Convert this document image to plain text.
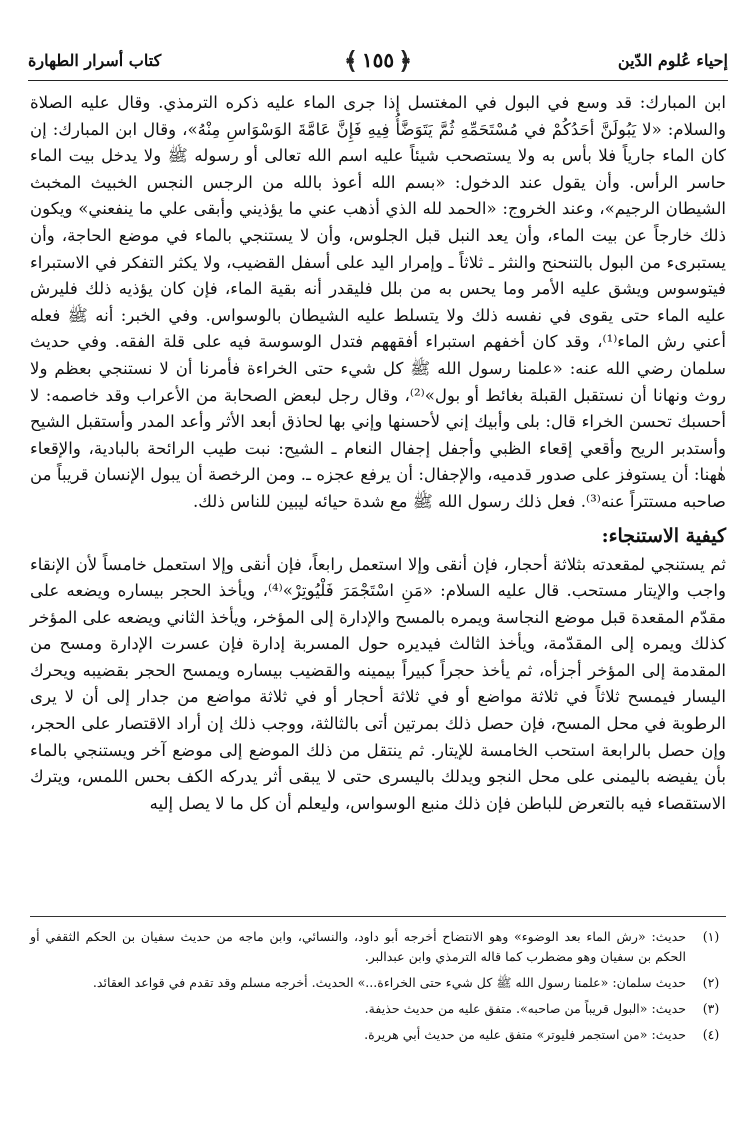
إحياء عُلوم الدّين
﴿
١٥٥
﴾
كتاب أسرار الطهارة

ابن المبارك: قد وسع في البول في المغتسل إذا جرى الماء عليه ذكره الترمذي. وقال عليه الصلاة والسلام: «لا يَبُولَنَّ أحَدُكُمْ في مُسْتَحَمِّهِ ثُمَّ يَتَوَضَّأُ فِيهِ فَإِنَّ عَامَّةَ الوَسْوَاسِ مِنْهُ»، وقال ابن المبارك: إن كان الماء جارياً فلا بأس به ولا يستصحب شيئاً عليه اسم الله تعالى أو رسوله ﷺ ولا يدخل بيت الماء حاسر الرأس. وأن يقول عند الدخول: «بسم الله أعوذ بالله من الرجس النجس الخبيث المخبث الشيطان الرجيم»، وعند الخروج: «الحمد لله الذي أذهب عني ما يؤذيني وأبقى علي ما ينفعني» ويكون ذلك خارجاً عن بيت الماء، وأن يعد النبل قبل الجلوس، وأن لا يستنجي بالماء في موضع الحاجة، وأن يستبرىء من البول بالتنحنح والنثر ـ ثلاثاً ـ وإمرار اليد على أسفل القضيب، ولا يكثر التفكر في الاستبراء فيتوسوس ويشق عليه الأمر وما يحس به من بلل فليقدر أنه بقية الماء، فإن كان يؤذيه ذلك فليرش عليه الماء حتى يقوى في نفسه ذلك ولا يتسلط عليه الشيطان بالوسواس. وفي الخبر: أنه ﷺ فعله أعني رش الماء⁽¹⁾، وقد كان أخفهم استبراء أفقههم فتدل الوسوسة فيه على قلة الفقه. وفي حديث سلمان رضي الله عنه: «علمنا رسول الله ﷺ كل شيء حتى الخراءة فأمرنا أن لا نستنجي بعظم ولا روث ونهانا أن نستقبل القبلة بغائط أو بول»⁽²⁾، وقال رجل لبعض الصحابة من الأعراب وقد خاصمه: لا أحسبك تحسن الخراء قال: بلى وأبيك إني لأحسنها وإني بها لحاذق أبعد الأثر وأعد المدر وأستقبل الشيح وأستدبر الريح وأقعي إقعاء الظبي وأجفل إجفال النعام ـ الشيح: نبت طيب الرائحة بالبادية، والإقعاء هٰهنا: أن يستوفز على صدور قدميه، والإجفال: أن يرفع عجزه ـ. ومن الرخصة أن يبول الإنسان قريباً من صاحبه مستتراً عنه⁽³⁾. فعل ذلك رسول الله ﷺ مع شدة حيائه ليبين للناس ذلك.

كيفية الاستنجاء:

ثم يستنجي لمقعدته بثلاثة أحجار، فإن أنقى وإلا استعمل رابعاً، فإن أنقى وإلا استعمل خامساً لأن الإنقاء واجب والإيتار مستحب. قال عليه السلام: «مَنِ اسْتَجْمَرَ فَلْيُوتِرْ»⁽⁴⁾، ويأخذ الحجر بيساره ويضعه على مقدّم المقعدة قبل موضع النجاسة ويمره بالمسح والإدارة إلى المؤخر، ويأخذ الثاني ويضعه على المؤخر كذلك ويمره إلى المقدّمة، ويأخذ الثالث فيديره حول المسربة إدارة فإن عسرت الإدارة ومسح من المقدمة إلى المؤخر أجزأه، ثم يأخذ حجراً كبيراً بيمينه والقضيب بيساره ويمسح الحجر بقضيبه ويحرك اليسار فيمسح ثلاثاً في ثلاثة مواضع أو في ثلاثة أحجار أو في ثلاثة مواضع من جدار إلى أن لا يرى الرطوبة في محل المسح، فإن حصل ذلك بمرتين أتى بالثالثة، ووجب ذلك إن أراد الاقتصار على الحجر، وإن حصل بالرابعة استحب الخامسة للإيتار. ثم ينتقل من ذلك الموضع إلى موضع آخر ويستنجي بالماء بأن يفيضه باليمنى على محل النجو ويدلك باليسرى حتى لا يبقى أثر يدركه الكف بحس اللمس، ويترك الاستقصاء فيه بالتعرض للباطن فإن ذلك منبع الوسواس، وليعلم أن كل ما لا يصل إليه

(١)
حديث: «رش الماء بعد الوضوء» وهو الانتضاح أخرجه أبو داود، والنسائي، وابن ماجه من حديث سفيان بن الحكم الثقفي أو الحكم بن سفيان وهو مضطرب كما قاله الترمذي وابن عبدالبر.
(٢)
حديث سلمان: «علمنا رسول الله ﷺ كل شيء حتى الخراءة...» الحديث. أخرجه مسلم وقد تقدم في قواعد العقائد.
(٣)
حديث: «البول قريباً من صاحبه». متفق عليه من حديث حذيفة.
(٤)
حديث: «من استجمر فليوتر» متفق عليه من حديث أبي هريرة.
